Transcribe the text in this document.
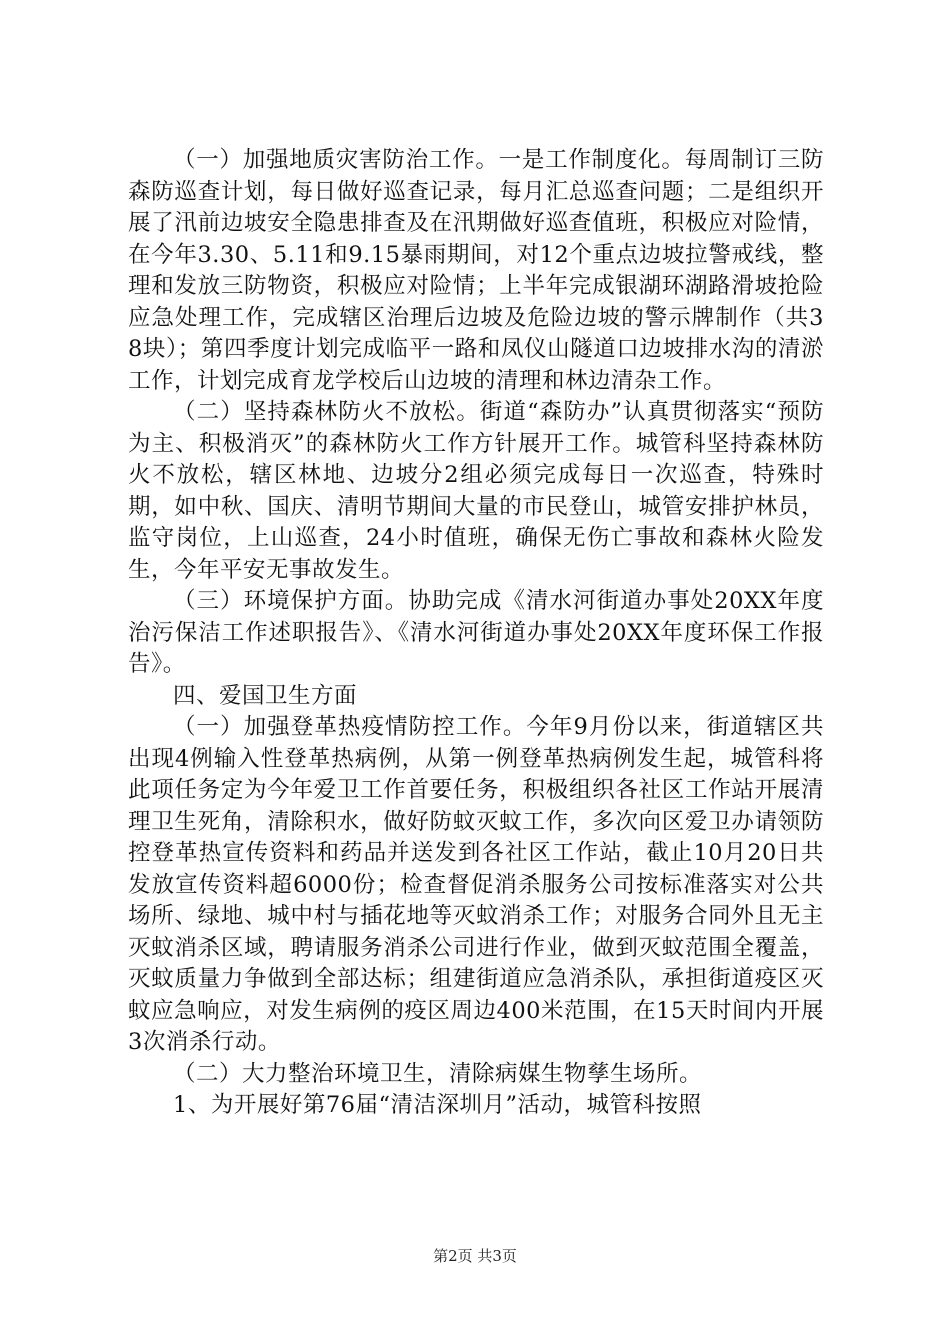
（一）加强地质灾害防治工作。一是工作制度化。每周制订三防森防巡查计划，每日做好巡查记录，每月汇总巡查问题；二是组织开展了汛前边坡安全隐患排查及在汛期做好巡查值班，积极应对险情，在今年3.30、5.11和9.15暴雨期间，对12个重点边坡拉警戒线，整理和发放三防物资，积极应对险情；上半年完成银湖环湖路滑坡抢险应急处理工作，完成辖区治理后边坡及危险边坡的警示牌制作（共38块）；第四季度计划完成临平一路和凤仪山隧道口边坡排水沟的清淤工作，计划完成育龙学校后山边坡的清理和林边清杂工作。

（二）坚持森林防火不放松。街道“森防办”认真贯彻落实“预防为主、积极消灭”的森林防火工作方针展开工作。城管科坚持森林防火不放松，辖区林地、边坡分2组必须完成每日一次巡查，特殊时期，如中秋、国庆、清明节期间大量的市民登山，城管安排护林员，监守岗位，上山巡查，24小时值班，确保无伤亡事故和森林火险发生，今年平安无事故发生。

（三）环境保护方面。协助完成《清水河街道办事处20XX年度治污保洁工作述职报告》、《清水河街道办事处20XX年度环保工作报告》。

四、爱国卫生方面

（一）加强登革热疫情防控工作。今年9月份以来，街道辖区共出现4例输入性登革热病例，从第一例登革热病例发生起，城管科将此项任务定为今年爱卫工作首要任务，积极组织各社区工作站开展清理卫生死角，清除积水，做好防蚊灭蚊工作，多次向区爱卫办请领防控登革热宣传资料和药品并送发到各社区工作站，截止10月20日共发放宣传资料超6000份；检查督促消杀服务公司按标准落实对公共场所、绿地、城中村与插花地等灭蚊消杀工作；对服务合同外且无主灭蚊消杀区域，聘请服务消杀公司进行作业，做到灭蚊范围全覆盖，灭蚊质量力争做到全部达标；组建街道应急消杀队，承担街道疫区灭蚊应急响应，对发生病例的疫区周边400米范围，在15天时间内开展3次消杀行动。

（二）大力整治环境卫生，清除病媒生物孳生场所。

1、为开展好第76届“清洁深圳月”活动，城管科按照

第2页 共3页
